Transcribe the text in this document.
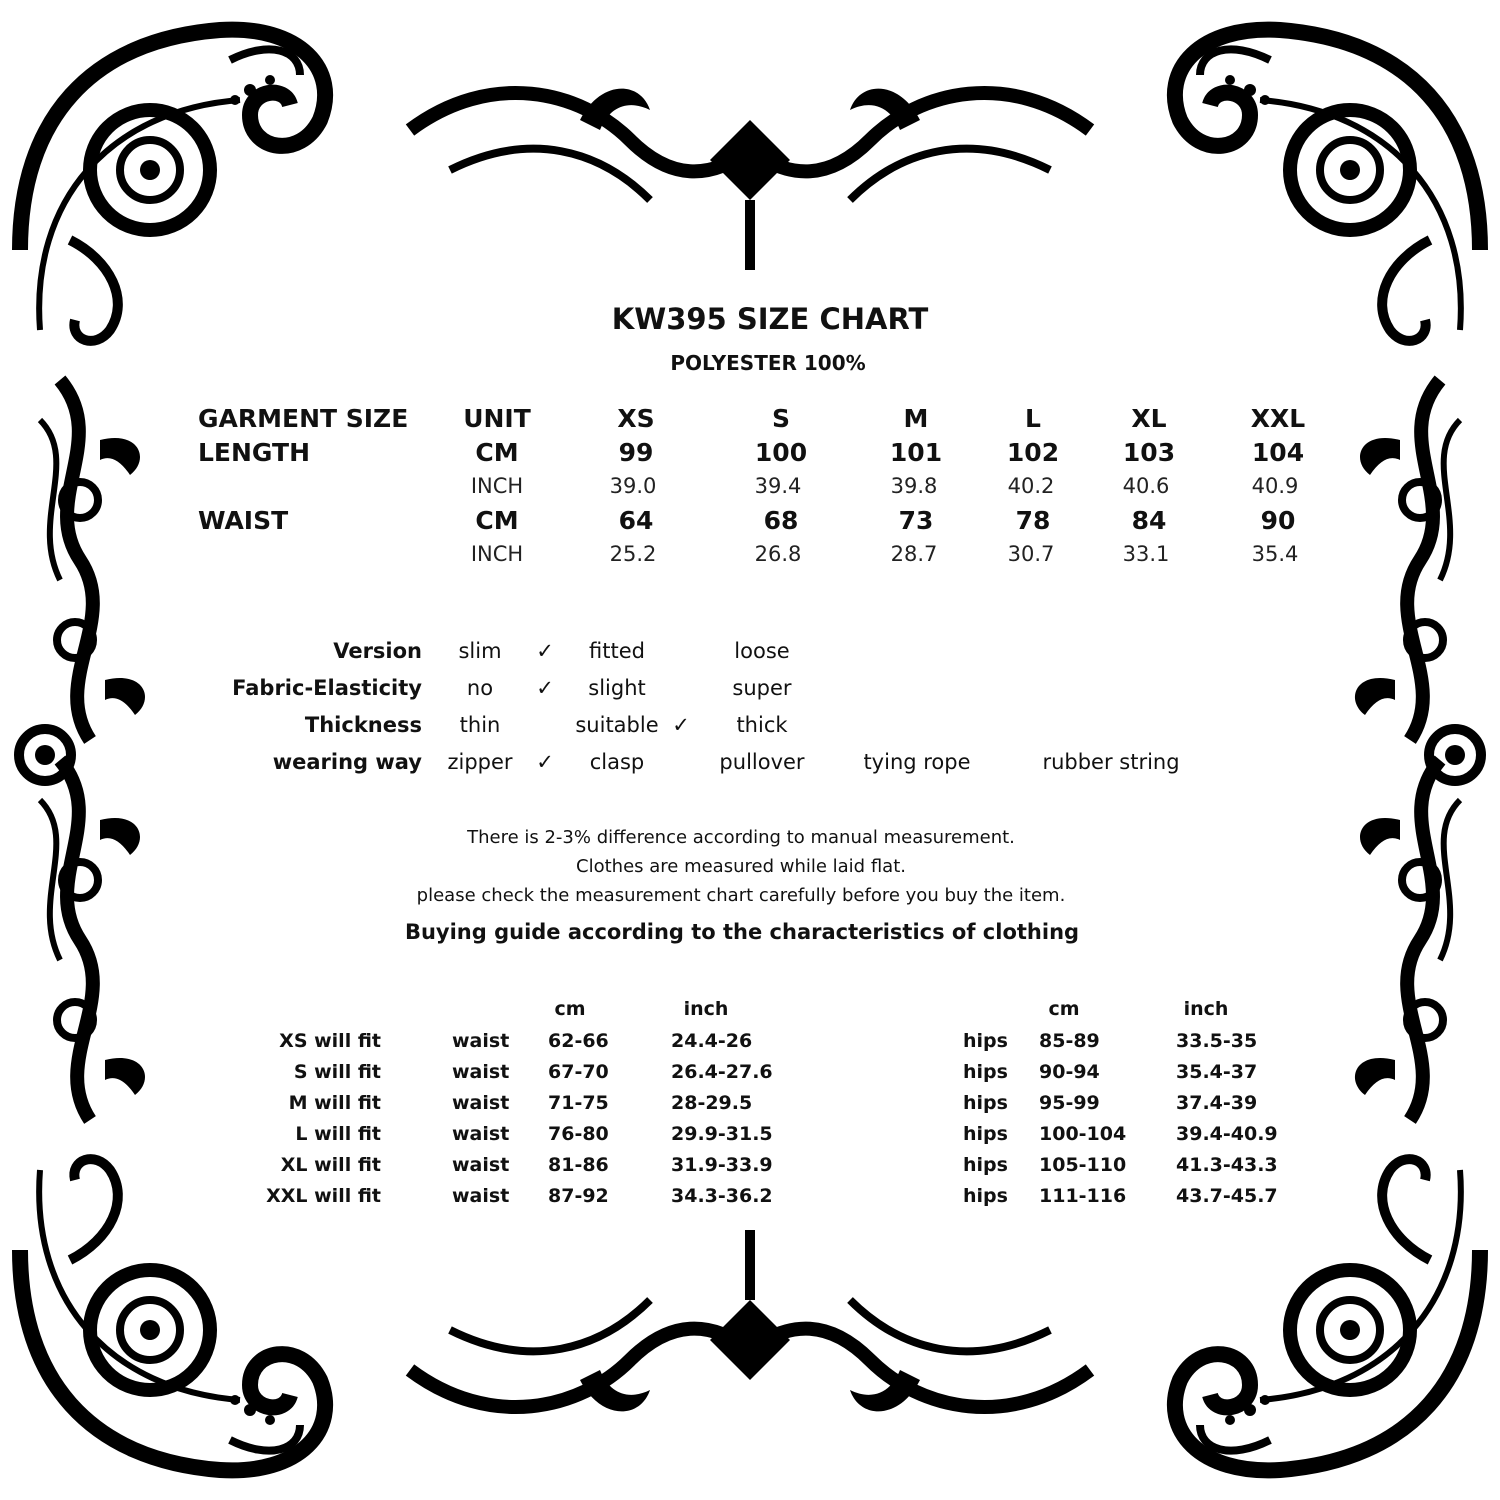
KW395 SIZE CHART
POLYESTER 100%
GARMENT SIZE UNIT	XS	S	M	L	XL	XXL
LENGTH	CM	99	100	101	102	103	104
INCH	39.0	39.4	39.8	40.2	40.6	40.9
WAIST	CM	64	68	73	78	84	90
INCH	25.2	26.8	28.7	30.7	33.1	35.4
Version slim ✓ fitted	loose
Fabric-Elasticity no ✓ slight	super
Thickness thin	suitable ✓ thick
wearing way zipper ✓ clasp	pullover	tying rope	rubber string
There is 2-3% difference according to manual measurement.
Clothes are measured while laid flat.
please check the measurement chart carefully before you buy the item.
Buying guide according to the characteristics of clothing
cm	inch	cm	inch
XS will fit	waist 62-66	24.4-26	hips 85-89	33.5-35
S will fit	waist 67-70	26.4-27.6	hips 90-94	35.4-37
M will fit	waist 71-75	28-29.5	hips 95-99	37.4-39
L will fit	waist 76-80	29.9-31.5	hips 100-104	39.4-40.9
XL will fit	waist 81-86	31.9-33.9	hips 105-110	41.3-43.3
XXL will fit	waist 87-92	34.3-36.2	hips 111-116	43.7-45.7
